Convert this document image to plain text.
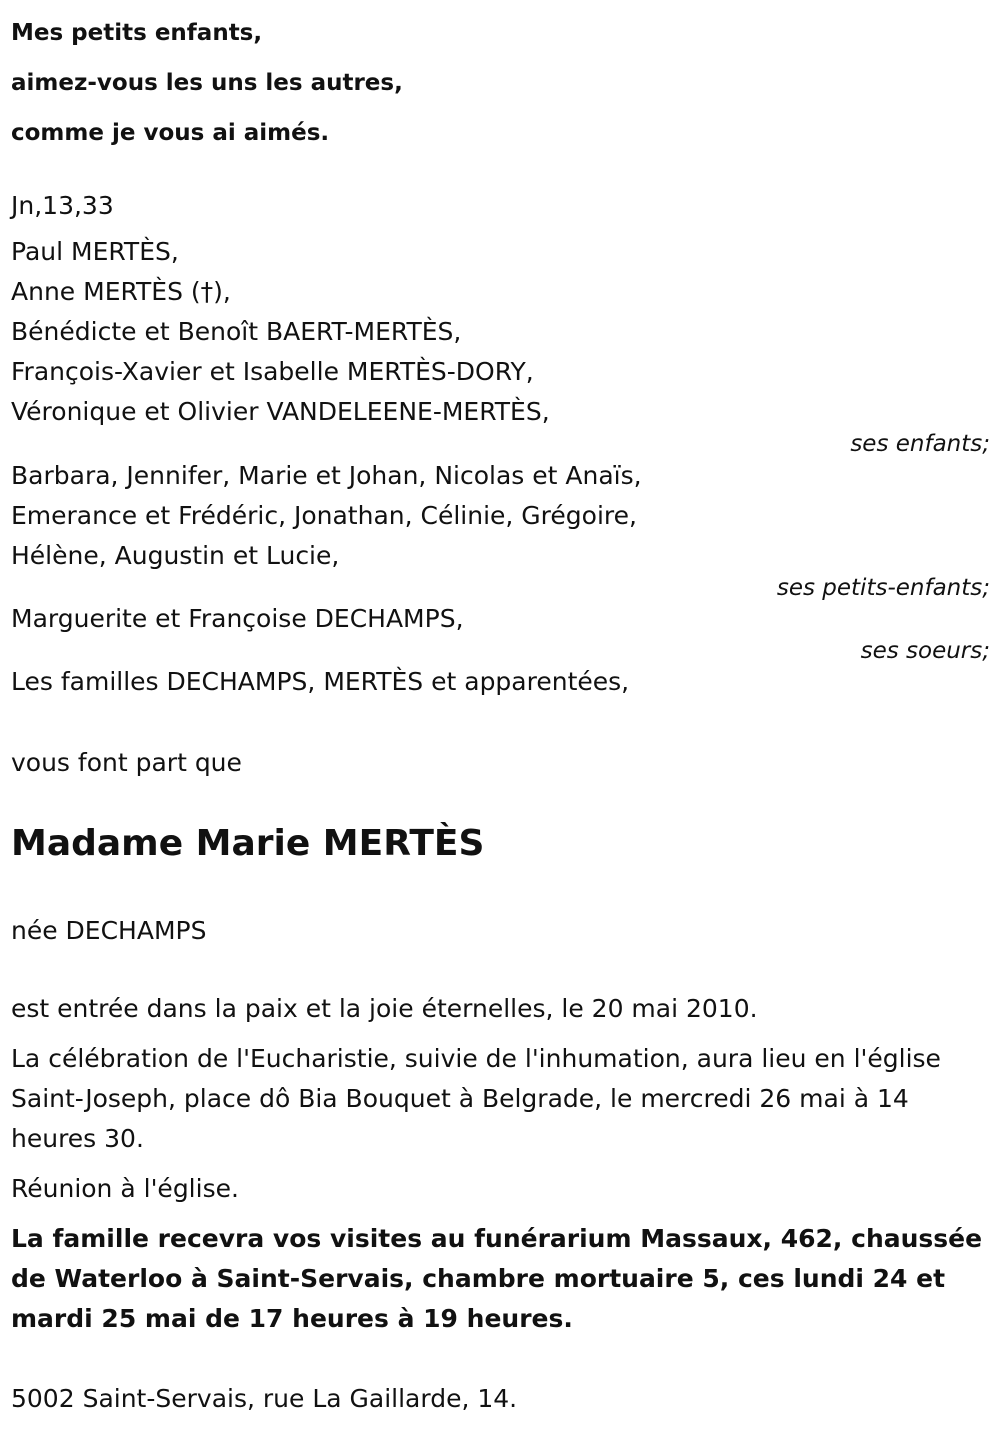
Mes petits enfants,
aimez-vous les uns les autres,
comme je vous ai aimés.
Jn,13,33
Paul MERTÈS,
Anne MERTÈS (†),
Bénédicte et Benoît BAERT-MERTÈS,
François-Xavier et Isabelle MERTÈS-DORY,
Véronique et Olivier VANDELEENE-MERTÈS,
ses enfants;
Barbara, Jennifer, Marie et Johan, Nicolas et Anaïs,
Emerance et Frédéric, Jonathan, Célinie, Grégoire,
Hélène, Augustin et Lucie,
ses petits-enfants;
Marguerite et Françoise DECHAMPS,
ses soeurs;
Les familles DECHAMPS, MERTÈS et apparentées,
vous font part que
Madame Marie MERTÈS
née DECHAMPS

est entrée dans la paix et la joie éternelles, le 20 mai 2010.

La célébration de l'Eucharistie, suivie de l'inhumation, aura lieu en l'église Saint-Joseph, place dô Bia Bouquet à Belgrade, le mercredi 26 mai à 14 heures 30.

Réunion à l'église.

La famille recevra vos visites au funérarium Massaux, 462, chaussée de Waterloo à Saint-Servais, chambre mortuaire 5, ces lundi 24 et mardi 25 mai de 17 heures à 19 heures.

5002 Saint-Servais, rue La Gaillarde, 14.
